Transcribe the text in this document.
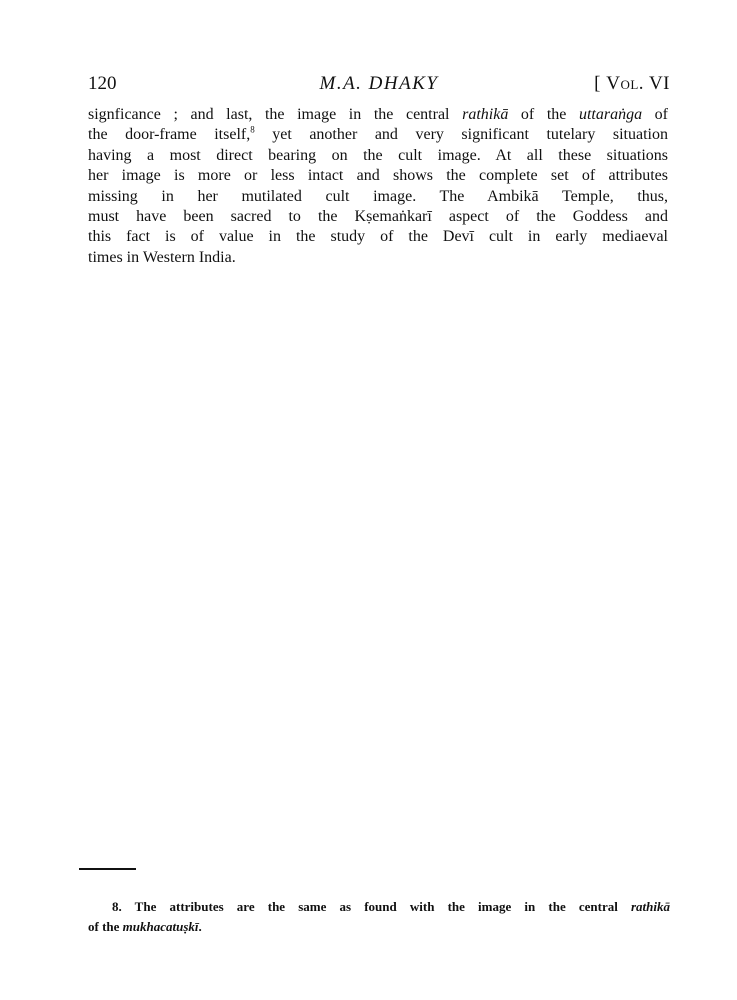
120	M.A. DHAKY	[ Vol. VI
signficance ; and last, the image in the central rathikā of the uttaraṅga of
the door-frame itself,$^8$ yet another and very significant tutelary situation
having a most direct bearing on the cult image. At all these situations
her image is more or less intact and shows the complete set of attributes
missing in her mutilated cult image. The Ambikā Temple, thus,
must have been sacred to the Kṣemaṅkarī aspect of the Goddess and
this fact is of value in the study of the Devī cult in early mediaeval
times in Western India.
8. The attributes are the same as found with the image in the central rathikā
of the mukhacatuṣkī.
